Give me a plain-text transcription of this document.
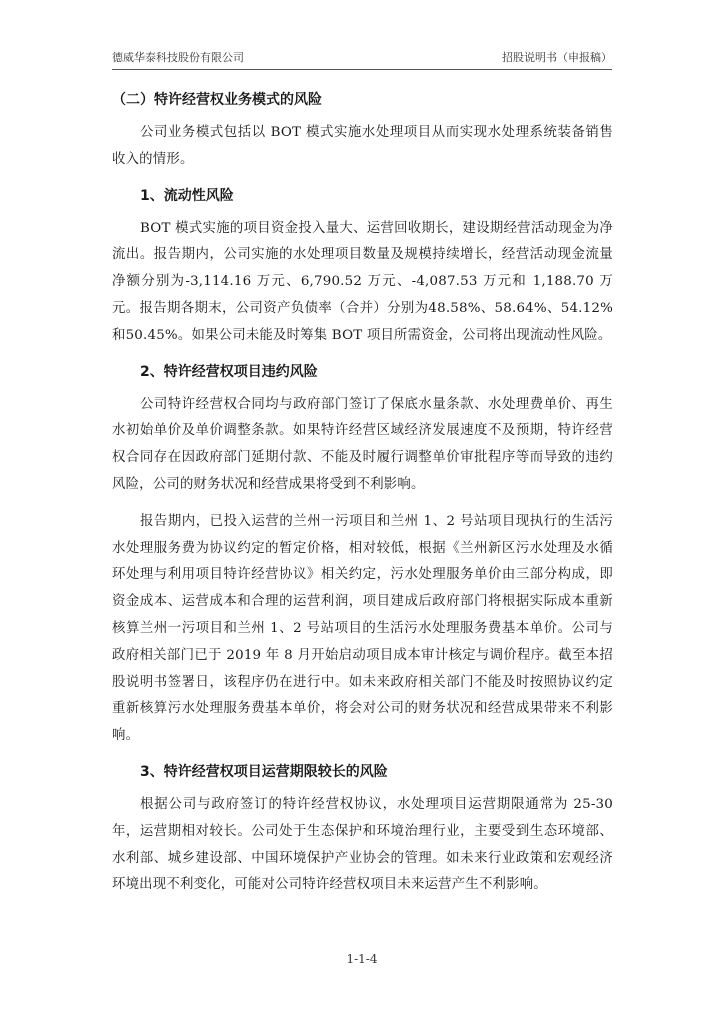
德威华泰科技股份有限公司	招股说明书（申报稿）
（二）特许经营权业务模式的风险

公司业务模式包括以 BOT 模式实施水处理项目从而实现水处理系统装备销售收入的情形。

1、流动性风险

BOT 模式实施的项目资金投入量大、运营回收期长，建设期经营活动现金为净流出。报告期内，公司实施的水处理项目数量及规模持续增长，经营活动现金流量净额分别为-3,114.16 万元、6,790.52 万元、-4,087.53 万元和 1,188.70 万元。报告期各期末，公司资产负债率（合并）分别为48.58%、58.64%、54.12%和50.45%。如果公司未能及时筹集 BOT 项目所需资金，公司将出现流动性风险。

2、特许经营权项目违约风险

公司特许经营权合同均与政府部门签订了保底水量条款、水处理费单价、再生水初始单价及单价调整条款。如果特许经营区域经济发展速度不及预期，特许经营权合同存在因政府部门延期付款、不能及时履行调整单价审批程序等而导致的违约风险，公司的财务状况和经营成果将受到不利影响。

报告期内，已投入运营的兰州一污项目和兰州 1、2 号站项目现执行的生活污水处理服务费为协议约定的暂定价格，相对较低，根据《兰州新区污水处理及水循环处理与利用项目特许经营协议》相关约定，污水处理服务单价由三部分构成，即资金成本、运营成本和合理的运营利润，项目建成后政府部门将根据实际成本重新核算兰州一污项目和兰州 1、2 号站项目的生活污水处理服务费基本单价。公司与政府相关部门已于 2019 年 8 月开始启动项目成本审计核定与调价程序。截至本招股说明书签署日，该程序仍在进行中。如未来政府相关部门不能及时按照协议约定重新核算污水处理服务费基本单价，将会对公司的财务状况和经营成果带来不利影响。

3、特许经营权项目运营期限较长的风险

根据公司与政府签订的特许经营权协议，水处理项目运营期限通常为 25-30 年，运营期相对较长。公司处于生态保护和环境治理行业，主要受到生态环境部、水利部、城乡建设部、中国环境保护产业协会的管理。如未来行业政策和宏观经济环境出现不利变化，可能对公司特许经营权项目未来运营产生不利影响。

1-1-4
